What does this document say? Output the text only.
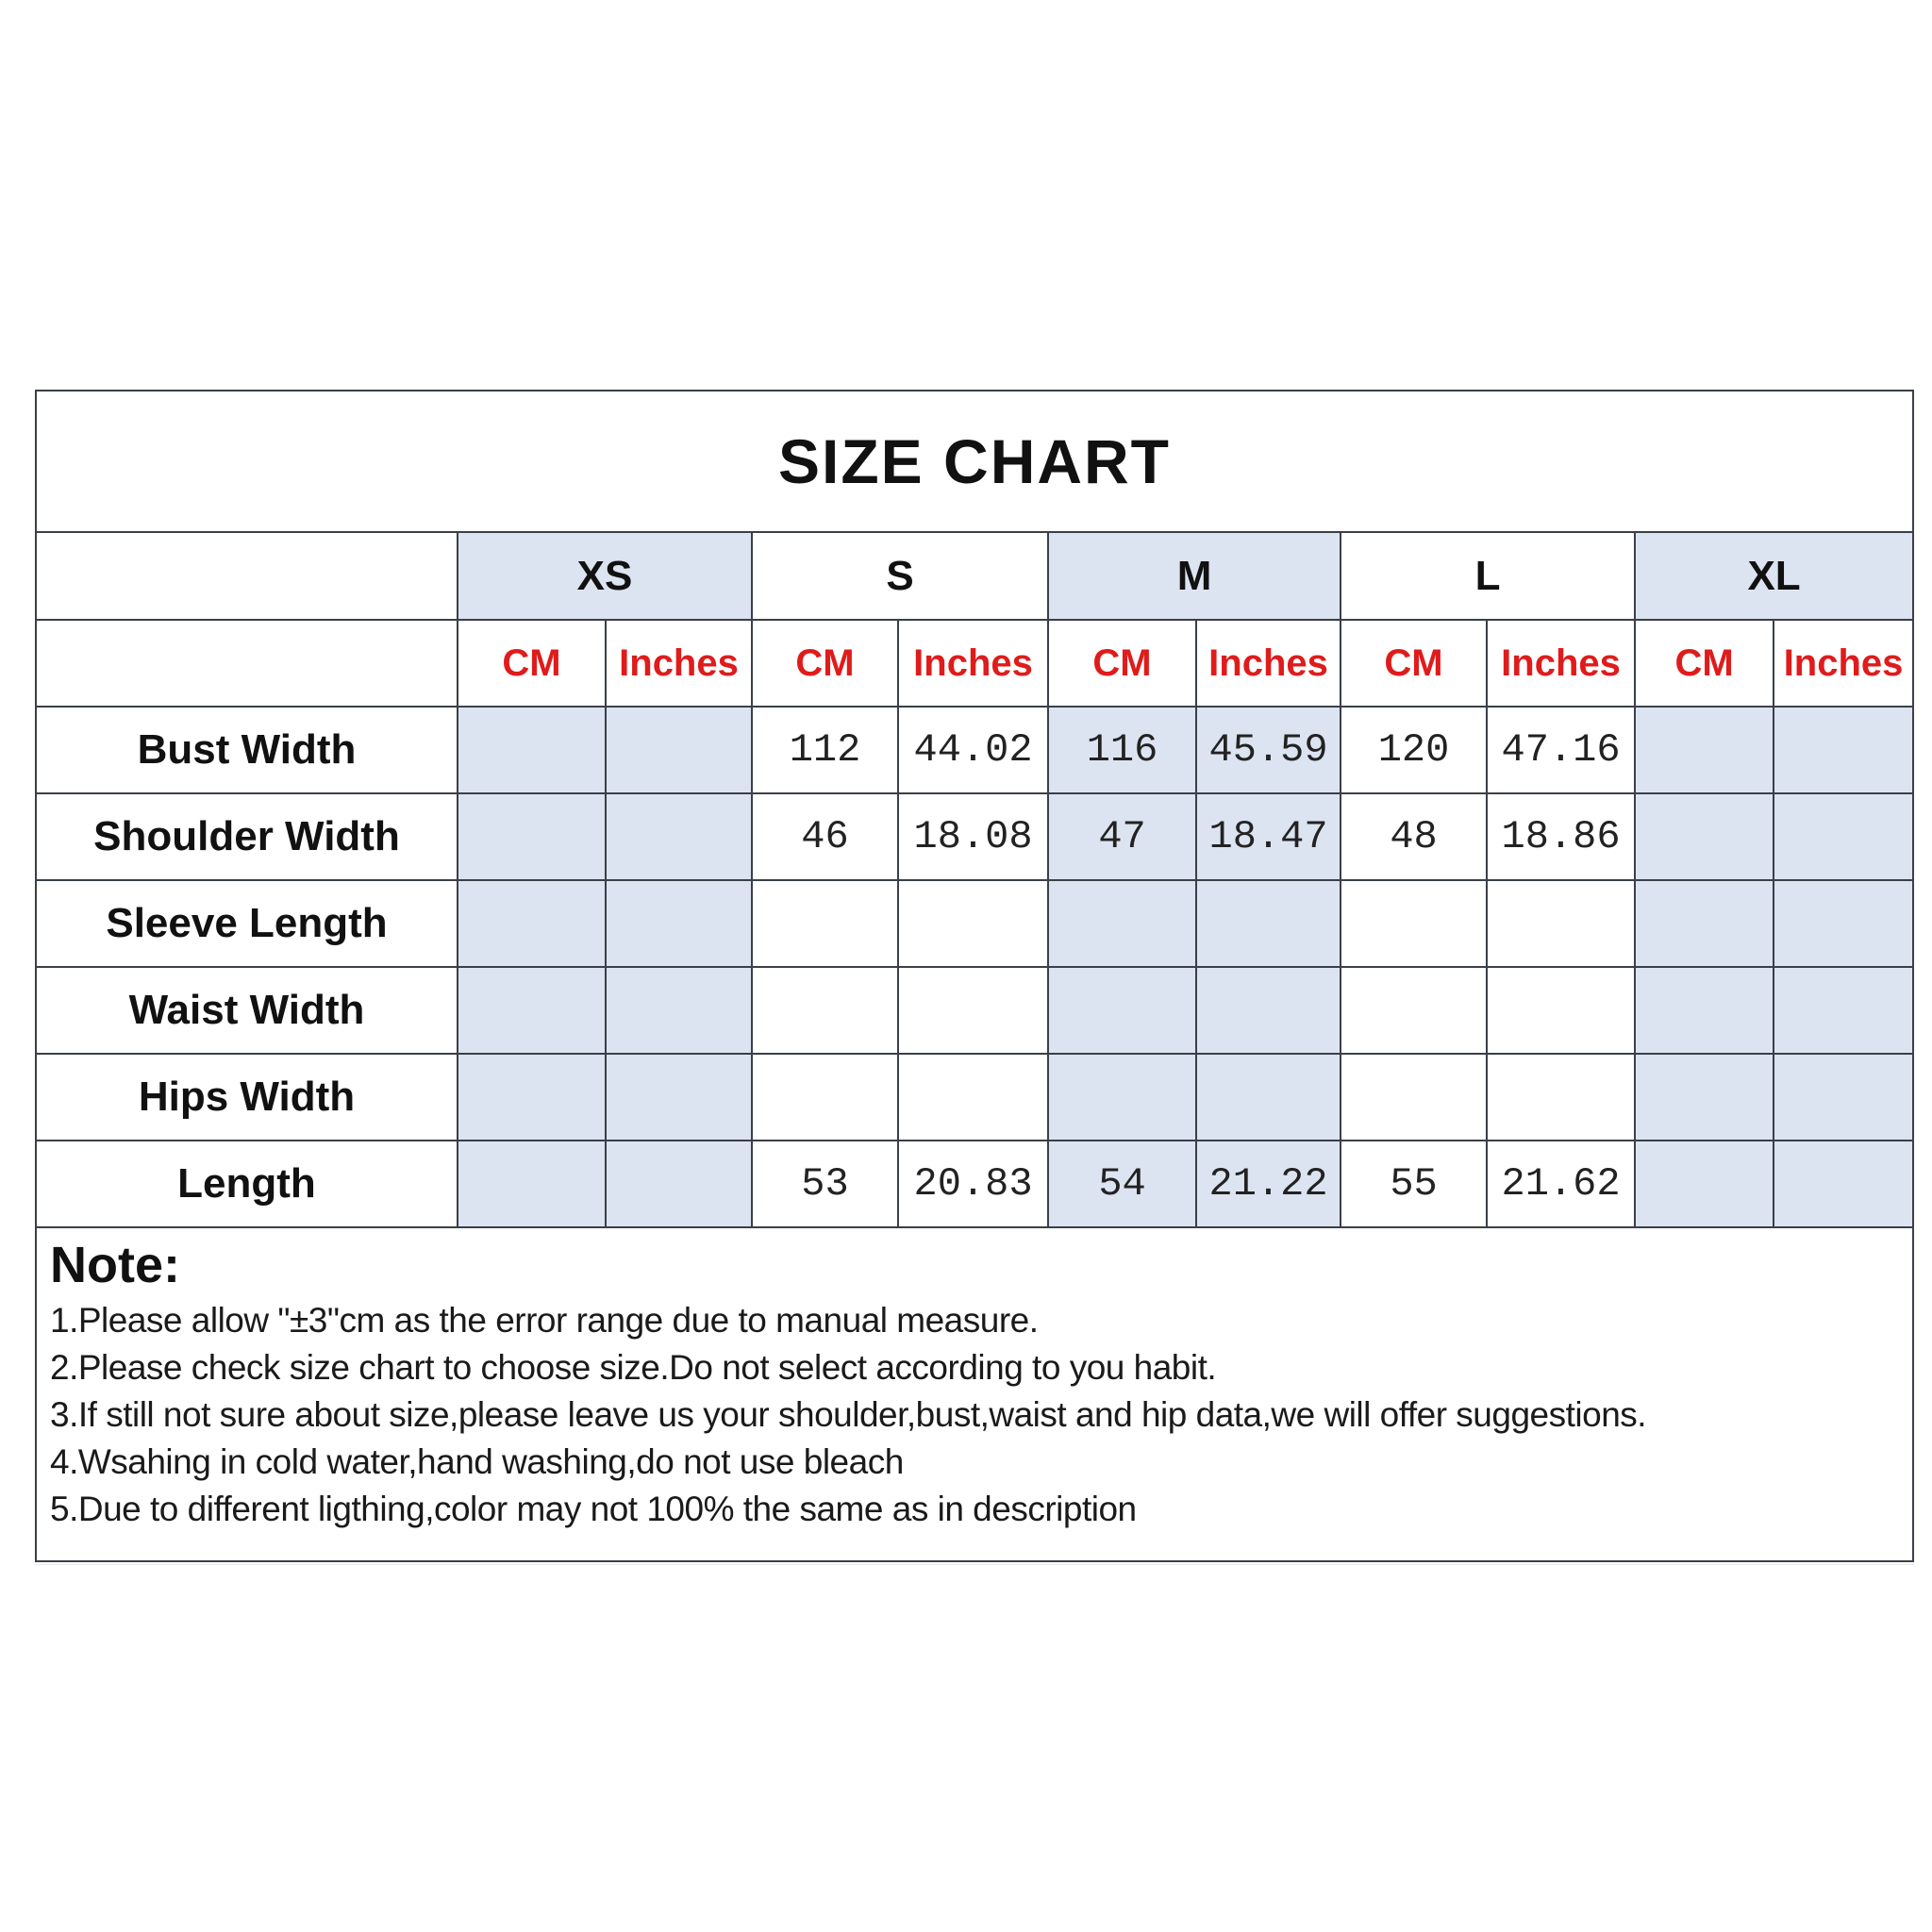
SIZE CHART
	XS		S		M		L		XL	
	CM	Inches	CM	Inches	CM	Inches	CM	Inches	CM	Inches
Bust Width			112	44.02	116	45.59	120	47.16		
Shoulder Width			46	18.08	47	18.47	48	18.86		
Sleeve Length										
Waist Width										
Hips Width										
Length			53	20.83	54	21.22	55	21.62		

Note:

1.Please allow "±3"cm as the error range due to manual measure.

2.Please check size chart to choose size.Do not select according to you habit.

3.If still not sure about size,please leave us your shoulder,bust,waist and hip data,we will offer suggestions.

4.Wsahing in cold water,hand washing,do not use bleach

5.Due to different ligthing,color may not 100% the same as in description
